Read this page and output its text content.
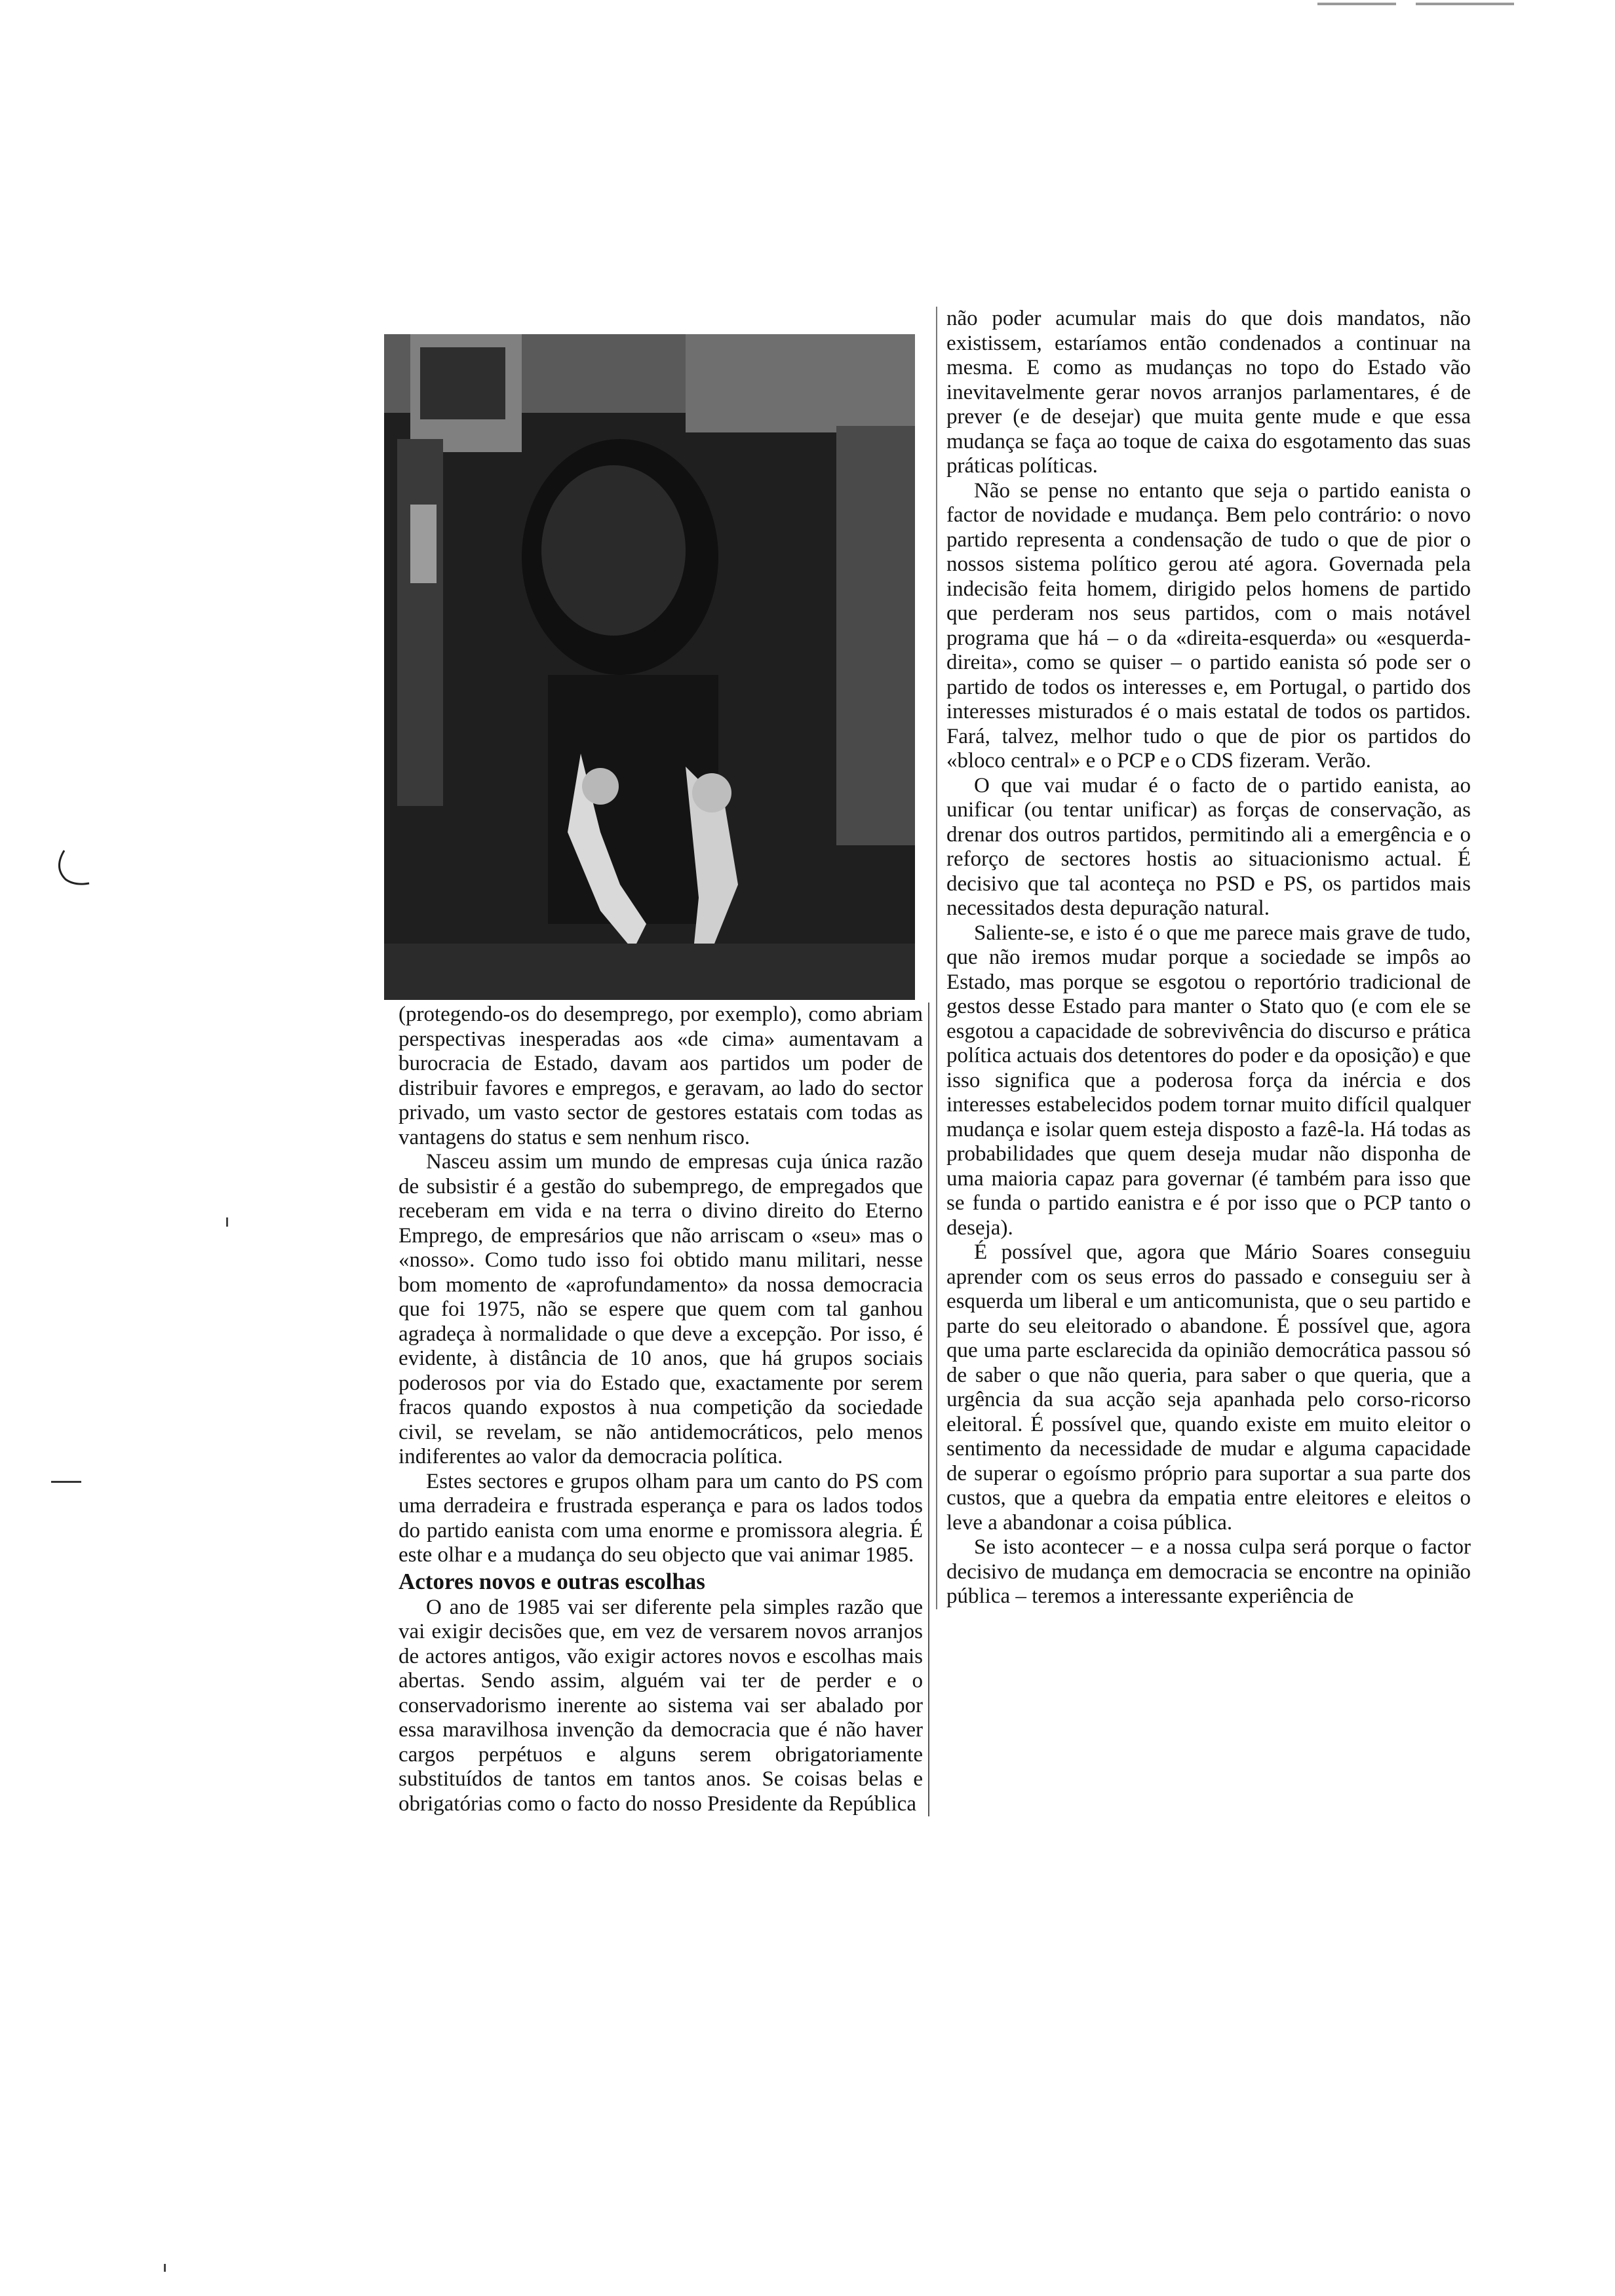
(protegendo-os do desemprego, por exemplo), como abriam perspectivas inesperadas aos «de cima» aumentavam a burocracia de Estado, davam aos partidos um poder de distribuir favores e empregos, e geravam, ao lado do sector privado, um vasto sector de gestores estatais com todas as vantagens do status e sem nenhum risco.

Nasceu assim um mundo de empresas cuja única razão de subsistir é a gestão do subemprego, de empregados que receberam em vida e na terra o divino direito do Eterno Emprego, de empresários que não arriscam o «seu» mas o «nosso». Como tudo isso foi obtido manu militari, nesse bom momento de «aprofundamento» da nossa democracia que foi 1975, não se espere que quem com tal ganhou agradeça à normalidade o que deve a excepção. Por isso, é evidente, à distância de 10 anos, que há grupos sociais poderosos por via do Estado que, exactamente por serem fracos quando expostos à nua competição da sociedade civil, se revelam, se não antidemocráticos, pelo menos indiferentes ao valor da democracia política.

Estes sectores e grupos olham para um canto do PS com uma derradeira e frustrada esperança e para os lados todos do partido eanista com uma enorme e promissora alegria. É este olhar e a mudança do seu objecto que vai animar 1985.

Actores novos e outras escolhas

O ano de 1985 vai ser diferente pela simples razão que vai exigir decisões que, em vez de versarem novos arranjos de actores antigos, vão exigir actores novos e escolhas mais abertas. Sendo assim, alguém vai ter de perder e o conservadorismo inerente ao sistema vai ser abalado por essa maravilhosa invenção da democracia que é não haver cargos perpétuos e alguns serem obrigatoriamente substituídos de tantos em tantos anos. Se coisas belas e obrigatórias como o facto do nosso Presidente da República

não poder acumular mais do que dois mandatos, não existissem, estaríamos então condenados a continuar na mesma. E como as mudanças no topo do Estado vão inevitavelmente gerar novos arranjos parlamentares, é de prever (e de desejar) que muita gente mude e que essa mudança se faça ao toque de caixa do esgotamento das suas práticas políticas.

Não se pense no entanto que seja o partido eanista o factor de novidade e mudança. Bem pelo contrário: o novo partido representa a condensação de tudo o que de pior o nossos sistema político gerou até agora. Governada pela indecisão feita homem, dirigido pelos homens de partido que perderam nos seus partidos, com o mais notável programa que há – o da «direita-esquerda» ou «esquerda-direita», como se quiser – o partido eanista só pode ser o partido de todos os interesses e, em Portugal, o partido dos interesses misturados é o mais estatal de todos os partidos. Fará, talvez, melhor tudo o que de pior os partidos do «bloco central» e o PCP e o CDS fizeram. Verão.

O que vai mudar é o facto de o partido eanista, ao unificar (ou tentar unificar) as forças de conservação, as drenar dos outros partidos, permitindo ali a emergência e o reforço de sectores hostis ao situacionismo actual. É decisivo que tal aconteça no PSD e PS, os partidos mais necessitados desta depuração natural.

Saliente-se, e isto é o que me parece mais grave de tudo, que não iremos mudar porque a sociedade se impôs ao Estado, mas porque se esgotou o reportório tradicional de gestos desse Estado para manter o Stato quo (e com ele se esgotou a capacidade de sobrevivência do discurso e prática política actuais dos detentores do poder e da oposição) e que isso significa que a poderosa força da inércia e dos interesses estabelecidos podem tornar muito difícil qualquer mudança e isolar quem esteja disposto a fazê-la. Há todas as probabilidades que quem deseja mudar não disponha de uma maioria capaz para governar (é também para isso que se funda o partido eanistra e é por isso que o PCP tanto o deseja).

É possível que, agora que Mário Soares conseguiu aprender com os seus erros do passado e conseguiu ser à esquerda um liberal e um anticomunista, que o seu partido e parte do seu eleitorado o abandone. É possível que, agora que uma parte esclarecida da opinião democrática passou só de saber o que não queria, para saber o que queria, que a urgência da sua acção seja apanhada pelo corso-ricorso eleitoral. É possível que, quando existe em muito eleitor o sentimento da necessidade de mudar e alguma capacidade de superar o egoísmo próprio para suportar a sua parte dos custos, que a quebra da empatia entre eleitores e eleitos o leve a abandonar a coisa pública.

Se isto acontecer – e a nossa culpa será porque o factor decisivo de mudança em democracia se encontre na opinião pública – teremos a interessante experiência de
